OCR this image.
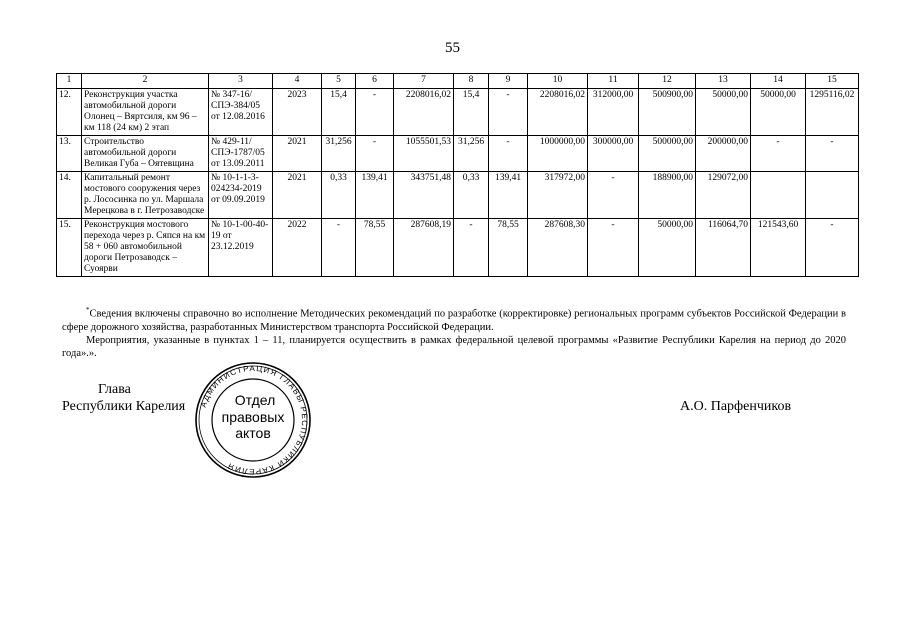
55
1	2	3	4	5	6	7	8	9	10	11	12	13	14	15
12.	Реконструкция участка автомобильной дороги Олонец – Вяртсиля, км 96 – км 118 (24 км) 2 этап	№ 347-16/ СПЭ-384/05 от 12.08.2016	2023	15,4	-	2208016,02	15,4	-	2208016,02	312000,00	500900,00	50000,00	50000,00	1295116,02
13.	Строительство автомобильной дороги Великая Губа – Оятевщина	№ 429-11/ СПЭ-1787/05 от 13.09.2011	2021	31,256	-	1055501,53	31,256	-	1000000,00	300000,00	500000,00	200000,00	-	-
14.	Капитальный ремонт мостового сооружения через р. Лососинка по ул. Маршала Мерецкова в г. Петрозаводске	№ 10-1-1-3-024234-2019 от 09.09.2019	2021	0,33	139,41	343751,48	0,33	139,41	317972,00	-	188900,00	129072,00		
15.	Реконструкция мостового перехода через р. Сяпся на км 58 + 060 автомобильной дороги Петрозаводск – Суоярви	№ 10-1-00-40-19 от 23.12.2019	2022	-	78,55	287608,19	-	78,55	287608,30	-	50000,00	116064,70	121543,60	-

*Сведения включены справочно во исполнение Методических рекомендаций по разработке (корректировке) региональных программ субъектов Российской Федерации в сфере дорожного хозяйства, разработанных Министерством транспорта Российской Федерации.

Мероприятия, указанные в пунктах 1 – 11, планируется осуществить в рамках федеральной целевой программы «Развитие Республики Карелия на период до 2020 года».».

Глава
Республики Карелия	А.О. Парфенчиков
АДМИНИСТРАЦИЯ ГЛАВЫ РЕСПУБЛИКИ КАРЕЛИЯ
Отдел
правовых
актов
